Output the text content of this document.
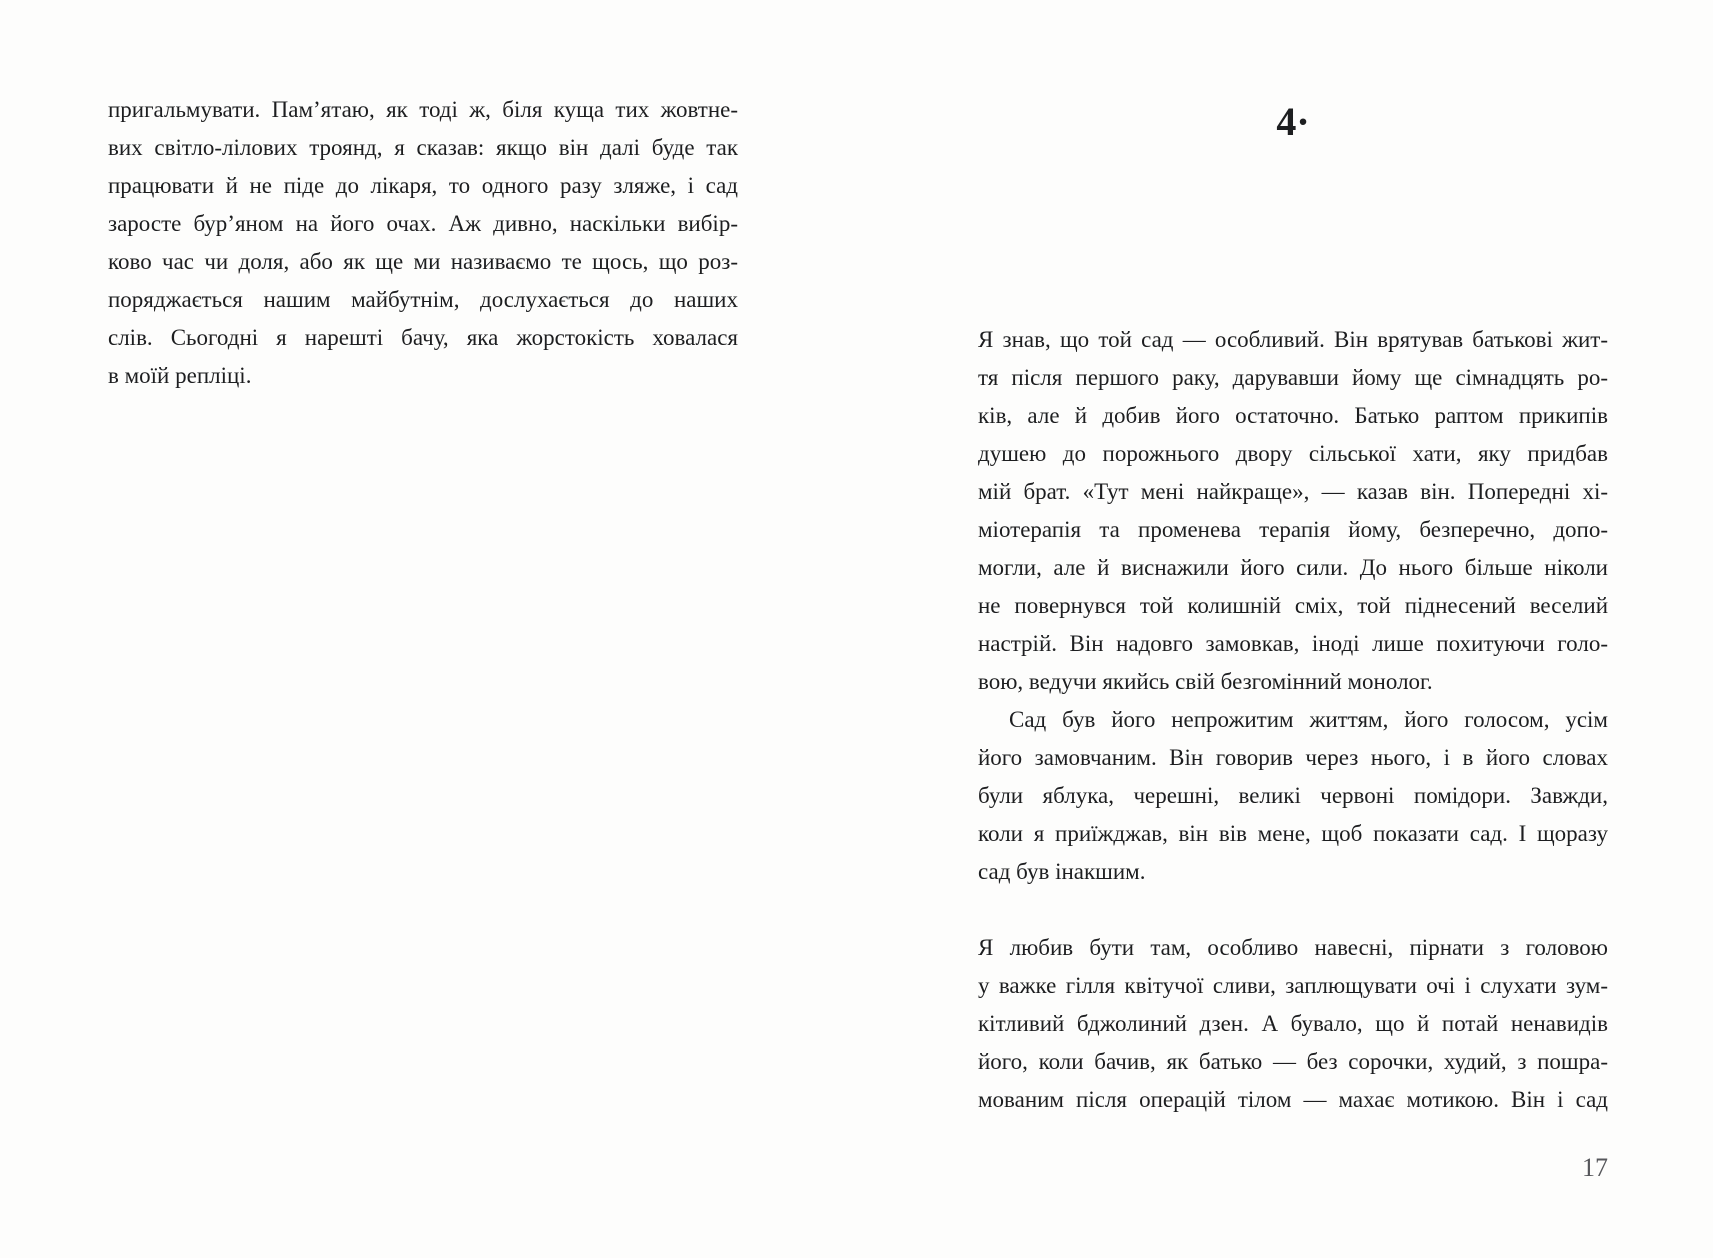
пригальмувати. Пам’ятаю, як тоді ж, біля куща тих жовтне-
вих світло-лілових троянд, я сказав: якщо він далі буде так
працювати й не піде до лікаря, то одного разу зляже, і сад
заросте бур’яном на його очах. Аж дивно, наскільки вибір-
ково час чи доля, або як ще ми називаємо те щось, що роз-
поряджається нашим майбутнім, дослухається до наших
слів. Сьогодні я нарешті бачу, яка жорстокість ховалася
в моїй репліці.
4·
Я знав, що той сад — особливий. Він врятував батькові жит-
тя після першого раку, дарувавши йому ще сімнадцять ро-
ків, але й добив його остаточно. Батько раптом прикипів
душею до порожнього двору сільської хати, яку придбав
мій брат. «Тут мені найкраще», — казав він. Попередні хі-
міотерапія та променева терапія йому, безперечно, допо-
могли, але й виснажили його сили. До нього більше ніколи
не повернувся той колишній сміх, той піднесений веселий
настрій. Він надовго замовкав, іноді лише похитуючи голо-
вою, ведучи якийсь свій безгомінний монолог.
Сад був його непрожитим життям, його голосом, усім
його замовчаним. Він говорив через нього, і в його словах
були яблука, черешні, великі червоні помідори. Завжди,
коли я приїжджав, він вів мене, щоб показати сад. І щоразу
сад був інакшим.
Я любив бути там, особливо навесні, пірнати з головою
у важке гілля квітучої сливи, заплющувати очі і слухати зум-
кітливий бджолиний дзен. А бувало, що й потай ненавидів
його, коли бачив, як батько — без сорочки, худий, з пошра-
мованим після операцій тілом — махає мотикою. Він і сад
17
